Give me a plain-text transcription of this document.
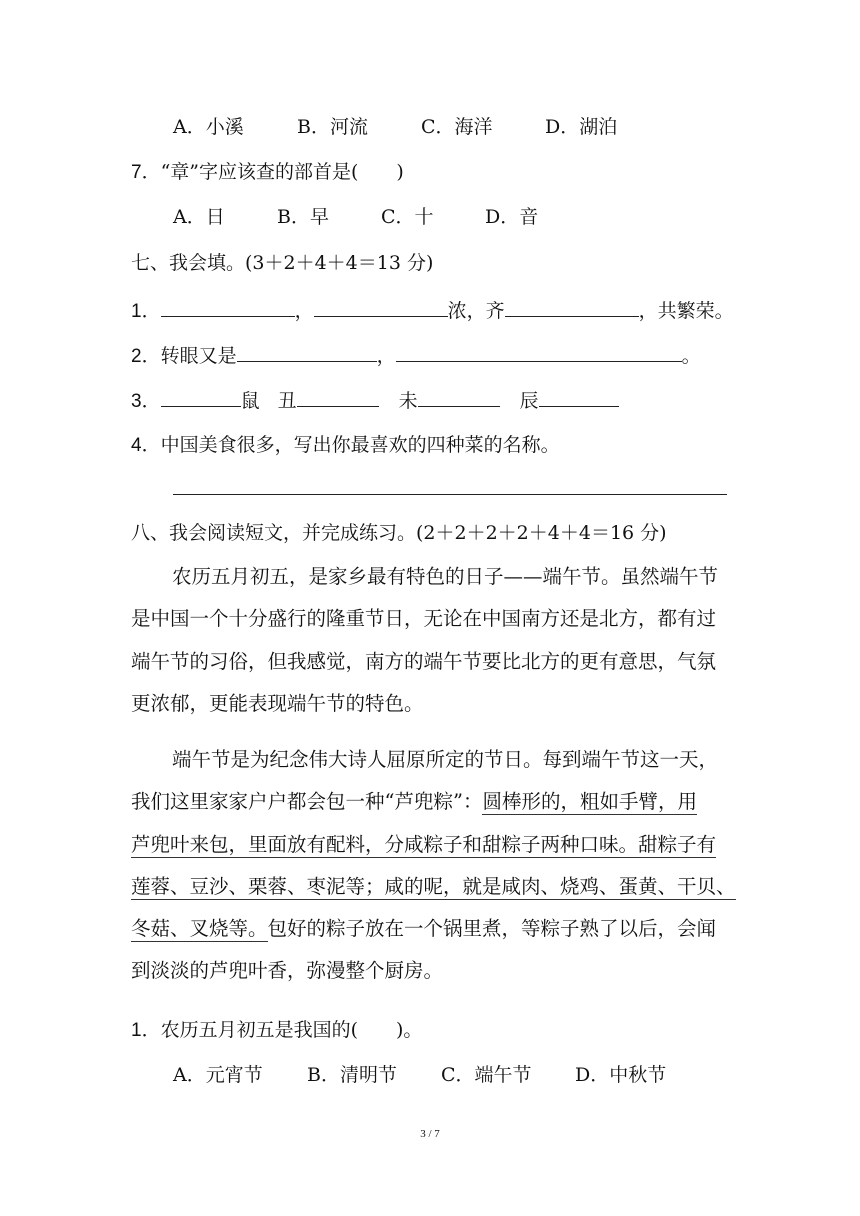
A．小溪	B．河流	C．海洋	D．湖泊
7．“章”字应该查的部首是(　　)
A．日	B．早	C．十	D．音
七、我会填。(3＋2＋4＋4＝13 分)
1．	，	浓，齐	，共繁荣。
2．转眼又是	，	。
3．	鼠 丑	未	辰
4．中国美食很多，写出你最喜欢的四种菜的名称。
八、我会阅读短文，并完成练习。(2＋2＋2＋2＋4＋4＝16 分)
农历五月初五，是家乡最有特色的日子——端午节。虽然端午节
是中国一个十分盛行的隆重节日，无论在中国南方还是北方，都有过
端午节的习俗，但我感觉，南方的端午节要比北方的更有意思，气氛
更浓郁，更能表现端午节的特色。
端午节是为纪念伟大诗人屈原所定的节日。每到端午节这一天，
我们这里家家户户都会包一种“芦兜粽”：圆棒形的，粗如手臂，用
芦兜叶来包，里面放有配料，分咸粽子和甜粽子两种口味。甜粽子有
莲蓉、豆沙、栗蓉、枣泥等；咸的呢，就是咸肉、烧鸡、蛋黄、干贝、
冬菇、叉烧等。包好的粽子放在一个锅里煮，等粽子熟了以后，会闻
到淡淡的芦兜叶香，弥漫整个厨房。
1．农历五月初五是我国的(　　)。
A．元宵节 B．清明节 C．端午节 D．中秋节
3 / 7
